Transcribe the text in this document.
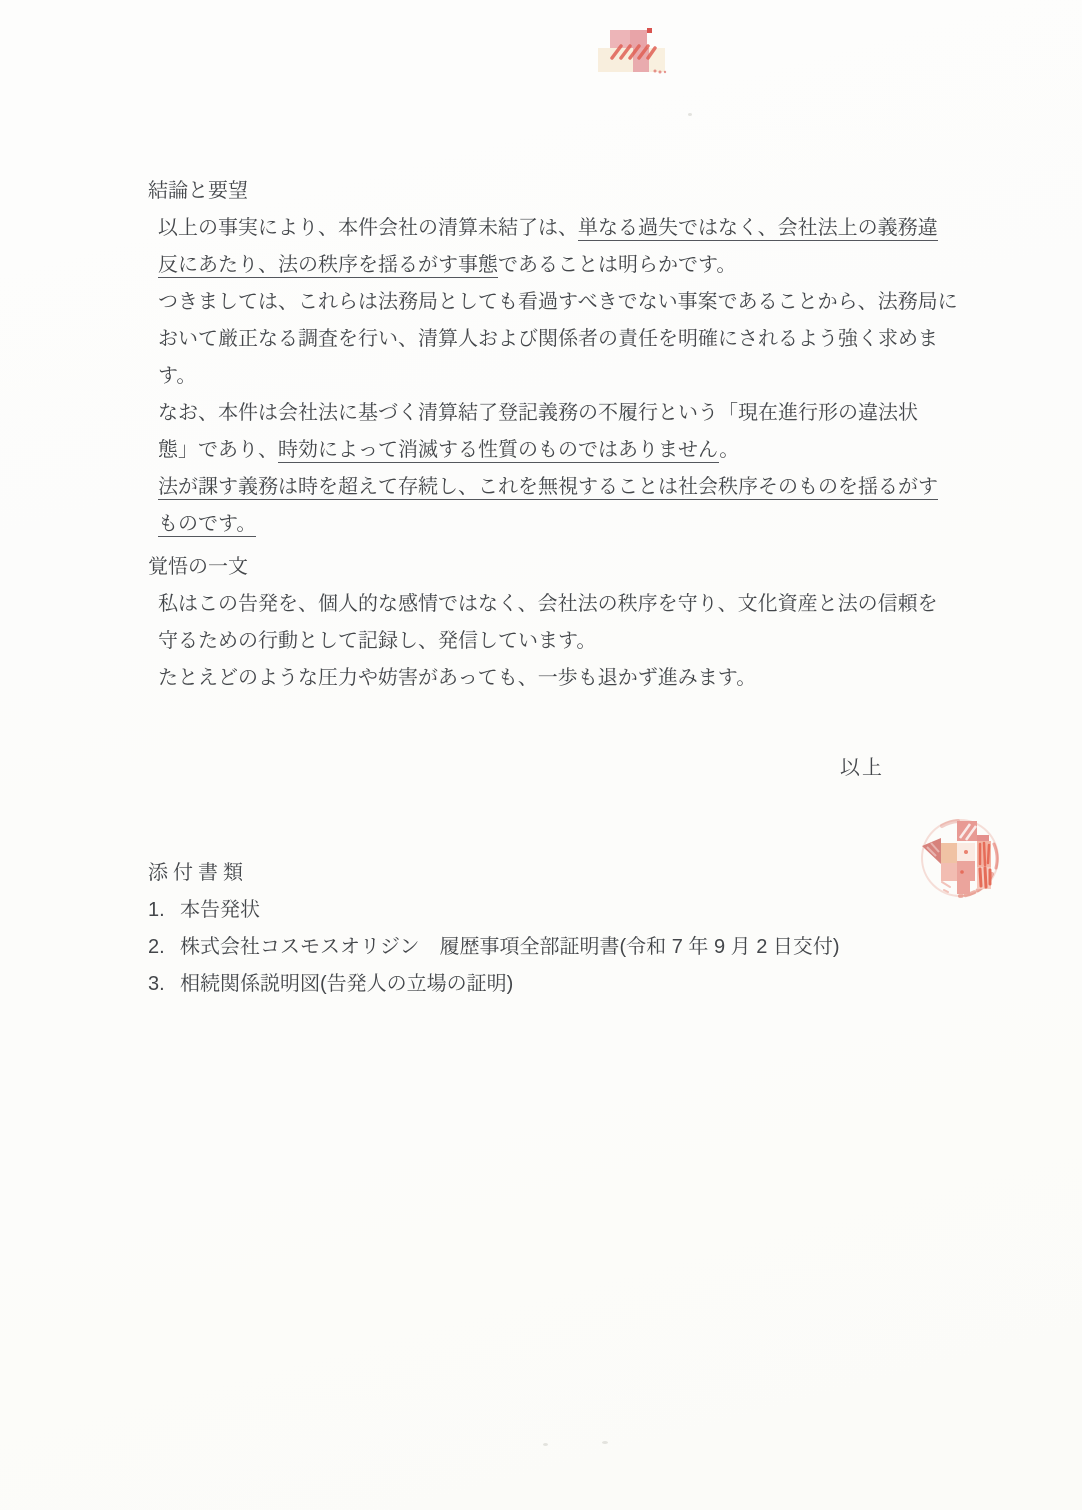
結論と要望
以上の事実により、本件会社の清算未結了は、単なる過失ではなく、会社法上の義務違
反にあたり、法の秩序を揺るがす事態であることは明らかです。
つきましては、これらは法務局としても看過すべきでない事案であることから、法務局に
おいて厳正なる調査を行い、清算人および関係者の責任を明確にされるよう強く求めま
す。
なお、本件は会社法に基づく清算結了登記義務の不履行という「現在進行形の違法状
態」であり、時効によって消滅する性質のものではありません。
法が課す義務は時を超えて存続し、これを無視することは社会秩序そのものを揺るがす
ものです。
覚悟の一文
私はこの告発を、個人的な感情ではなく、会社法の秩序を守り、文化資産と法の信頼を
守るための行動として記録し、発信しています。
たとえどのような圧力や妨害があっても、一歩も退かず進みます。
以上
添付書類
1. 本告発状
2. 株式会社コスモスオリジン　履歴事項全部証明書(令和 7 年 9 月 2 日交付)
3. 相続関係説明図(告発人の立場の証明)
